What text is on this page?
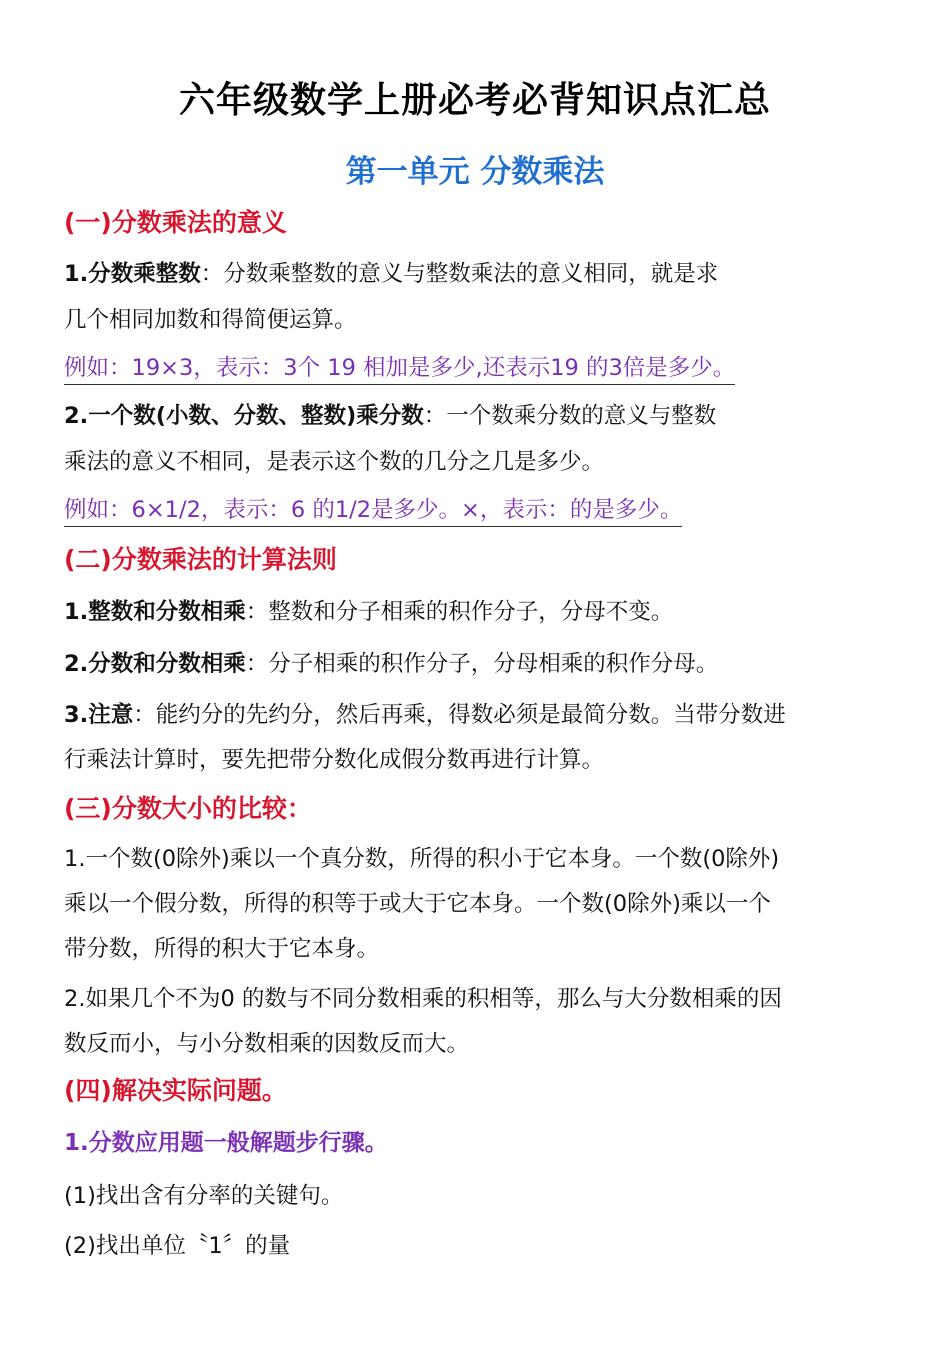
六年级数学上册必考必背知识点汇总
第一单元 分数乘法
(一)分数乘法的意义
1.分数乘整数：分数乘整数的意义与整数乘法的意义相同，就是求
几个相同加数和得简便运算。
例如：19×3，表示：3个 19 相加是多少,还表示19 的3倍是多少。
2.一个数(小数、分数、整数)乘分数：一个数乘分数的意义与整数
乘法的意义不相同，是表示这个数的几分之几是多少。
例如：6×1/2，表示：6 的1/2是多少。×，表示：的是多少。
(二)分数乘法的计算法则
1.整数和分数相乘：整数和分子相乘的积作分子，分母不变。
2.分数和分数相乘：分子相乘的积作分子，分母相乘的积作分母。
3.注意：能约分的先约分，然后再乘，得数必须是最简分数。当带分数进
行乘法计算时，要先把带分数化成假分数再进行计算。
(三)分数大小的比较：
1.一个数(0除外)乘以一个真分数，所得的积小于它本身。一个数(0除外)
乘以一个假分数，所得的积等于或大于它本身。一个数(0除外)乘以一个
带分数，所得的积大于它本身。
2.如果几个不为0 的数与不同分数相乘的积相等，那么与大分数相乘的因
数反而小，与小分数相乘的因数反而大。
(四)解决实际问题。
1.分数应用题一般解题步行骤。
(1)找出含有分率的关键句。
(2)找出单位〝1〞的量
